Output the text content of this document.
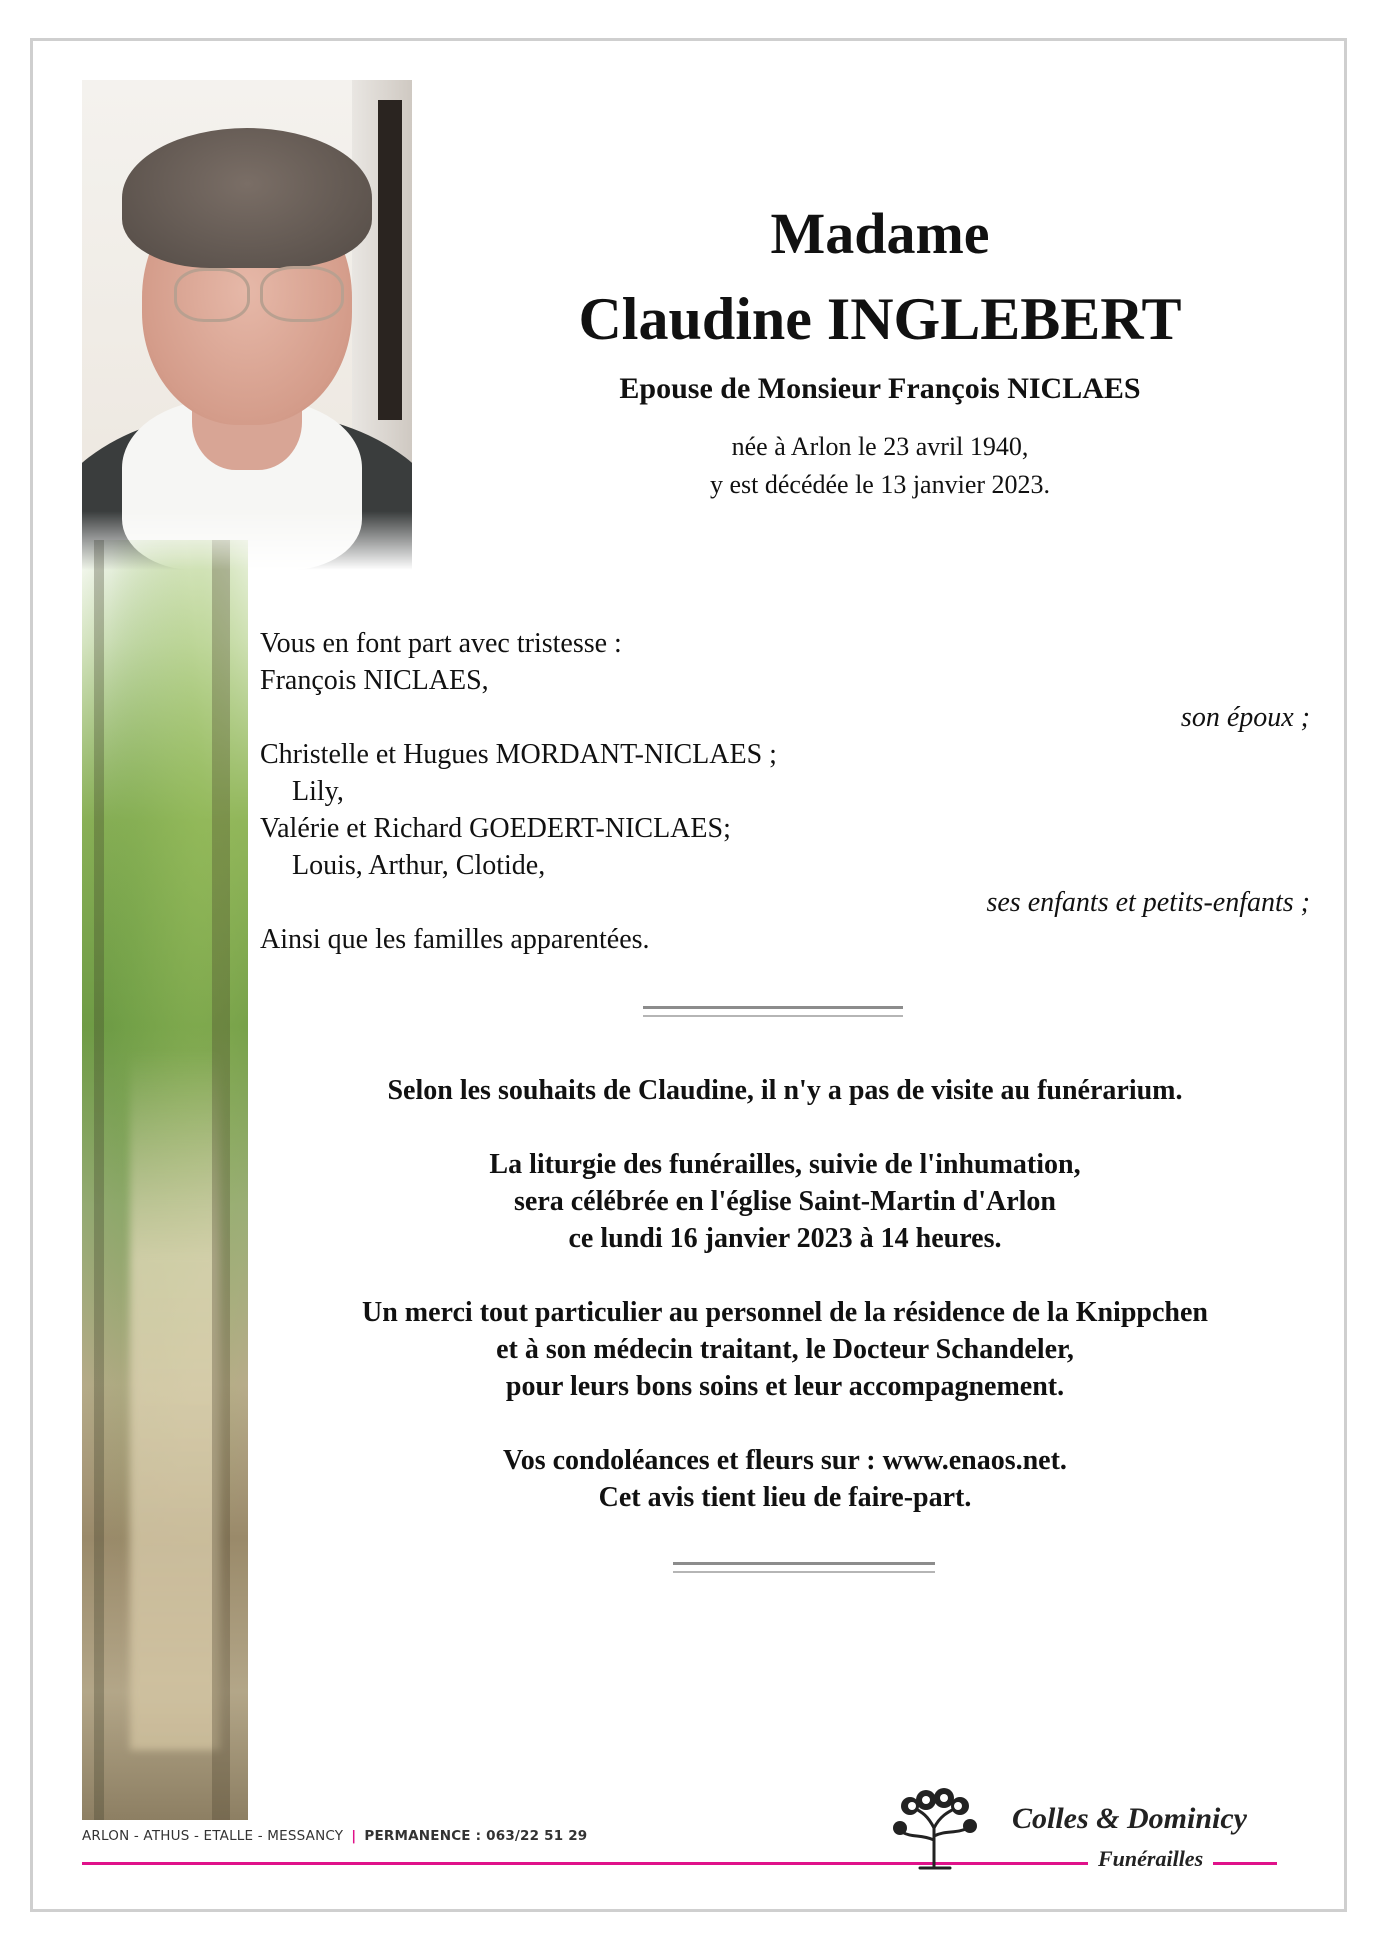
Madame
Claudine INGLEBERT
Epouse de Monsieur François NICLAES
née à Arlon le 23 avril 1940,
y est décédée le 13 janvier 2023.
Vous en font part avec tristesse :
François NICLAES,
son époux ;
Christelle et Hugues MORDANT-NICLAES ;
Lily,
Valérie et Richard GOEDERT-NICLAES;
Louis, Arthur, Clotide,
ses enfants et petits-enfants ;
Ainsi que les familles apparentées.
Selon les souhaits de Claudine, il n'y a pas de visite au funérarium.
La liturgie des funérailles, suivie de l'inhumation,
sera célébrée en l'église Saint-Martin d'Arlon
ce lundi 16 janvier 2023 à 14 heures.
Un merci tout particulier au personnel de la résidence de la Knippchen
et à son médecin traitant, le Docteur Schandeler,
pour leurs bons soins et leur accompagnement.
Vos condoléances et fleurs sur : www.enaos.net.
Cet avis tient lieu de faire-part.
ARLON - ATHUS - ETALLE - MESSANCY | PERMANENCE : 063/22 51 29
Colles & Dominicy
Funérailles
